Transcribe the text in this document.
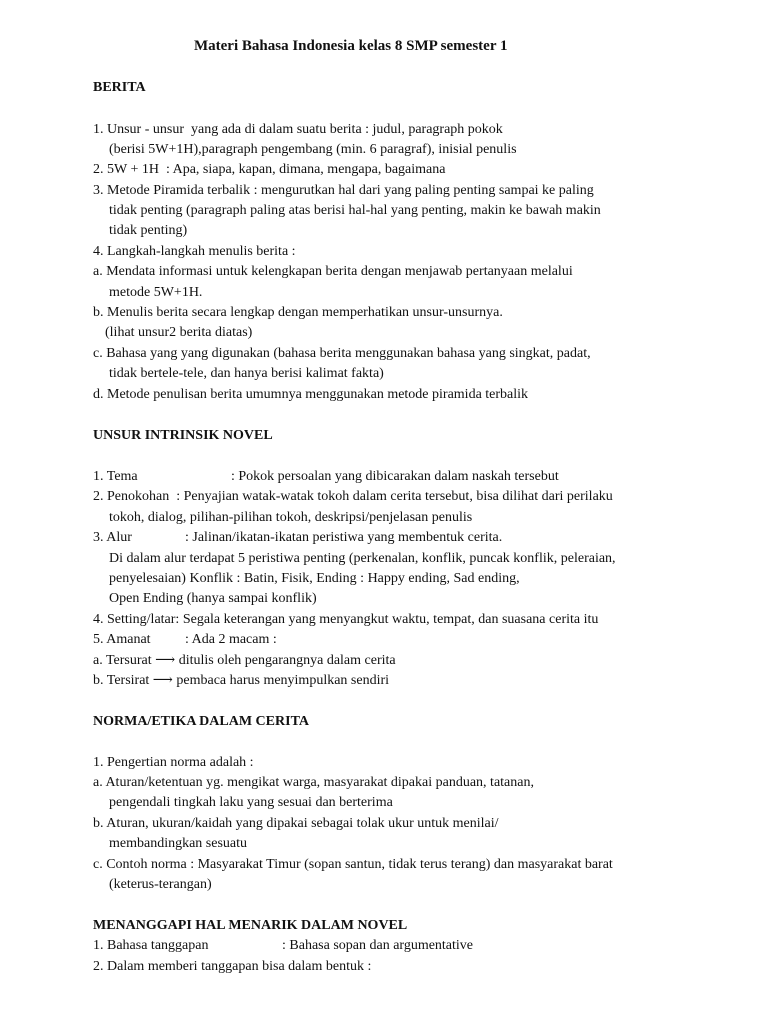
Materi Bahasa Indonesia kelas 8 SMP semester 1
BERITA
1. Unsur - unsur  yang ada di dalam suatu berita : judul, paragraph pokok
(berisi 5W+1H),paragraph pengembang (min. 6 paragraf), inisial penulis
2. 5W + 1H  : Apa, siapa, kapan, dimana, mengapa, bagaimana
3. Metode Piramida terbalik : mengurutkan hal dari yang paling penting sampai ke paling
tidak penting (paragraph paling atas berisi hal-hal yang penting, makin ke bawah makin
tidak penting)
4. Langkah-langkah menulis berita :
a. Mendata informasi untuk kelengkapan berita dengan menjawab pertanyaan melalui
metode 5W+1H.
b. Menulis berita secara lengkap dengan memperhatikan unsur-unsurnya.
(lihat unsur2 berita diatas)
c. Bahasa yang yang digunakan (bahasa berita menggunakan bahasa yang singkat, padat,
tidak bertele-tele, dan hanya berisi kalimat fakta)
d. Metode penulisan berita umumnya menggunakan metode piramida terbalik
UNSUR INTRINSIK NOVEL
1. Tema	: Pokok persoalan yang dibicarakan dalam naskah tersebut
2. Penokohan  : Penyajian watak-watak tokoh dalam cerita tersebut, bisa dilihat dari perilaku
tokoh, dialog, pilihan-pilihan tokoh, deskripsi/penjelasan penulis
3. Alur	: Jalinan/ikatan-ikatan peristiwa yang membentuk cerita.
Di dalam alur terdapat 5 peristiwa penting (perkenalan, konflik, puncak konflik, peleraian,
penyelesaian) Konflik : Batin, Fisik, Ending : Happy ending, Sad ending,
Open Ending (hanya sampai konflik)
4. Setting/latar: Segala keterangan yang menyangkut waktu, tempat, dan suasana cerita itu
5. Amanat : Ada 2 macam :
a. Tersurat ⟶ ditulis oleh pengarangnya dalam cerita
b. Tersirat ⟶ pembaca harus menyimpulkan sendiri
NORMA/ETIKA DALAM CERITA
1. Pengertian norma adalah :
a. Aturan/ketentuan yg. mengikat warga, masyarakat dipakai panduan, tatanan,
pengendali tingkah laku yang sesuai dan berterima
b. Aturan, ukuran/kaidah yang dipakai sebagai tolak ukur untuk menilai/
membandingkan sesuatu
c. Contoh norma : Masyarakat Timur (sopan santun, tidak terus terang) dan masyarakat barat
(keterus-terangan)
MENANGGAPI HAL MENARIK DALAM NOVEL
1. Bahasa tanggapan	: Bahasa sopan dan argumentative
2. Dalam memberi tanggapan bisa dalam bentuk :
